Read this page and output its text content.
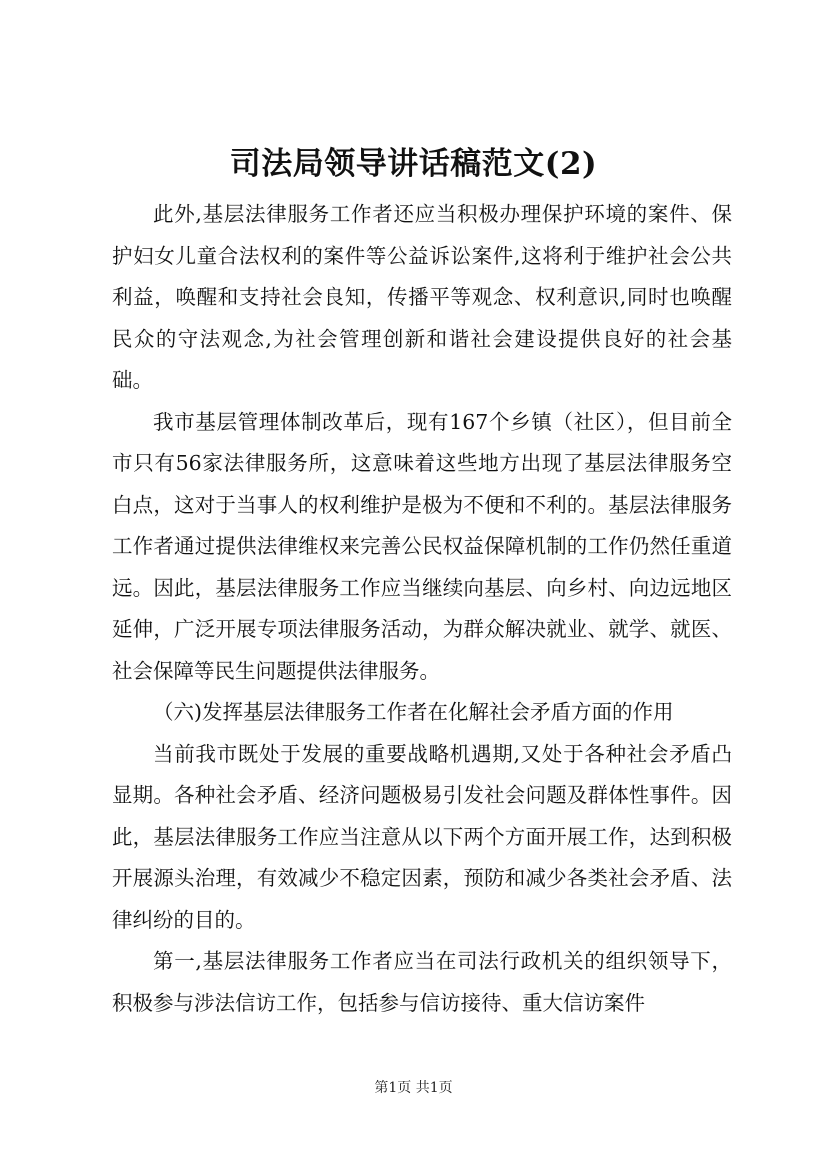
司法局领导讲话稿范文(2)

此外,基层法律服务工作者还应当积极办理保护环境的案件、保护妇女儿童合法权利的案件等公益诉讼案件,这将利于维护社会公共利益，唤醒和支持社会良知，传播平等观念、权利意识,同时也唤醒民众的守法观念,为社会管理创新和谐社会建设提供良好的社会基础。

我市基层管理体制改革后，现有167个乡镇（社区），但目前全市只有56家法律服务所，这意味着这些地方出现了基层法律服务空白点，这对于当事人的权利维护是极为不便和不利的。基层法律服务工作者通过提供法律维权来完善公民权益保障机制的工作仍然任重道远。因此，基层法律服务工作应当继续向基层、向乡村、向边远地区延伸，广泛开展专项法律服务活动，为群众解决就业、就学、就医、社会保障等民生问题提供法律服务。

（六)发挥基层法律服务工作者在化解社会矛盾方面的作用

当前我市既处于发展的重要战略机遇期,又处于各种社会矛盾凸显期。各种社会矛盾、经济问题极易引发社会问题及群体性事件。因此，基层法律服务工作应当注意从以下两个方面开展工作，达到积极开展源头治理，有效减少不稳定因素，预防和减少各类社会矛盾、法律纠纷的目的。

第一,基层法律服务工作者应当在司法行政机关的组织领导下，积极参与涉法信访工作，包括参与信访接待、重大信访案件

第1页 共1页
